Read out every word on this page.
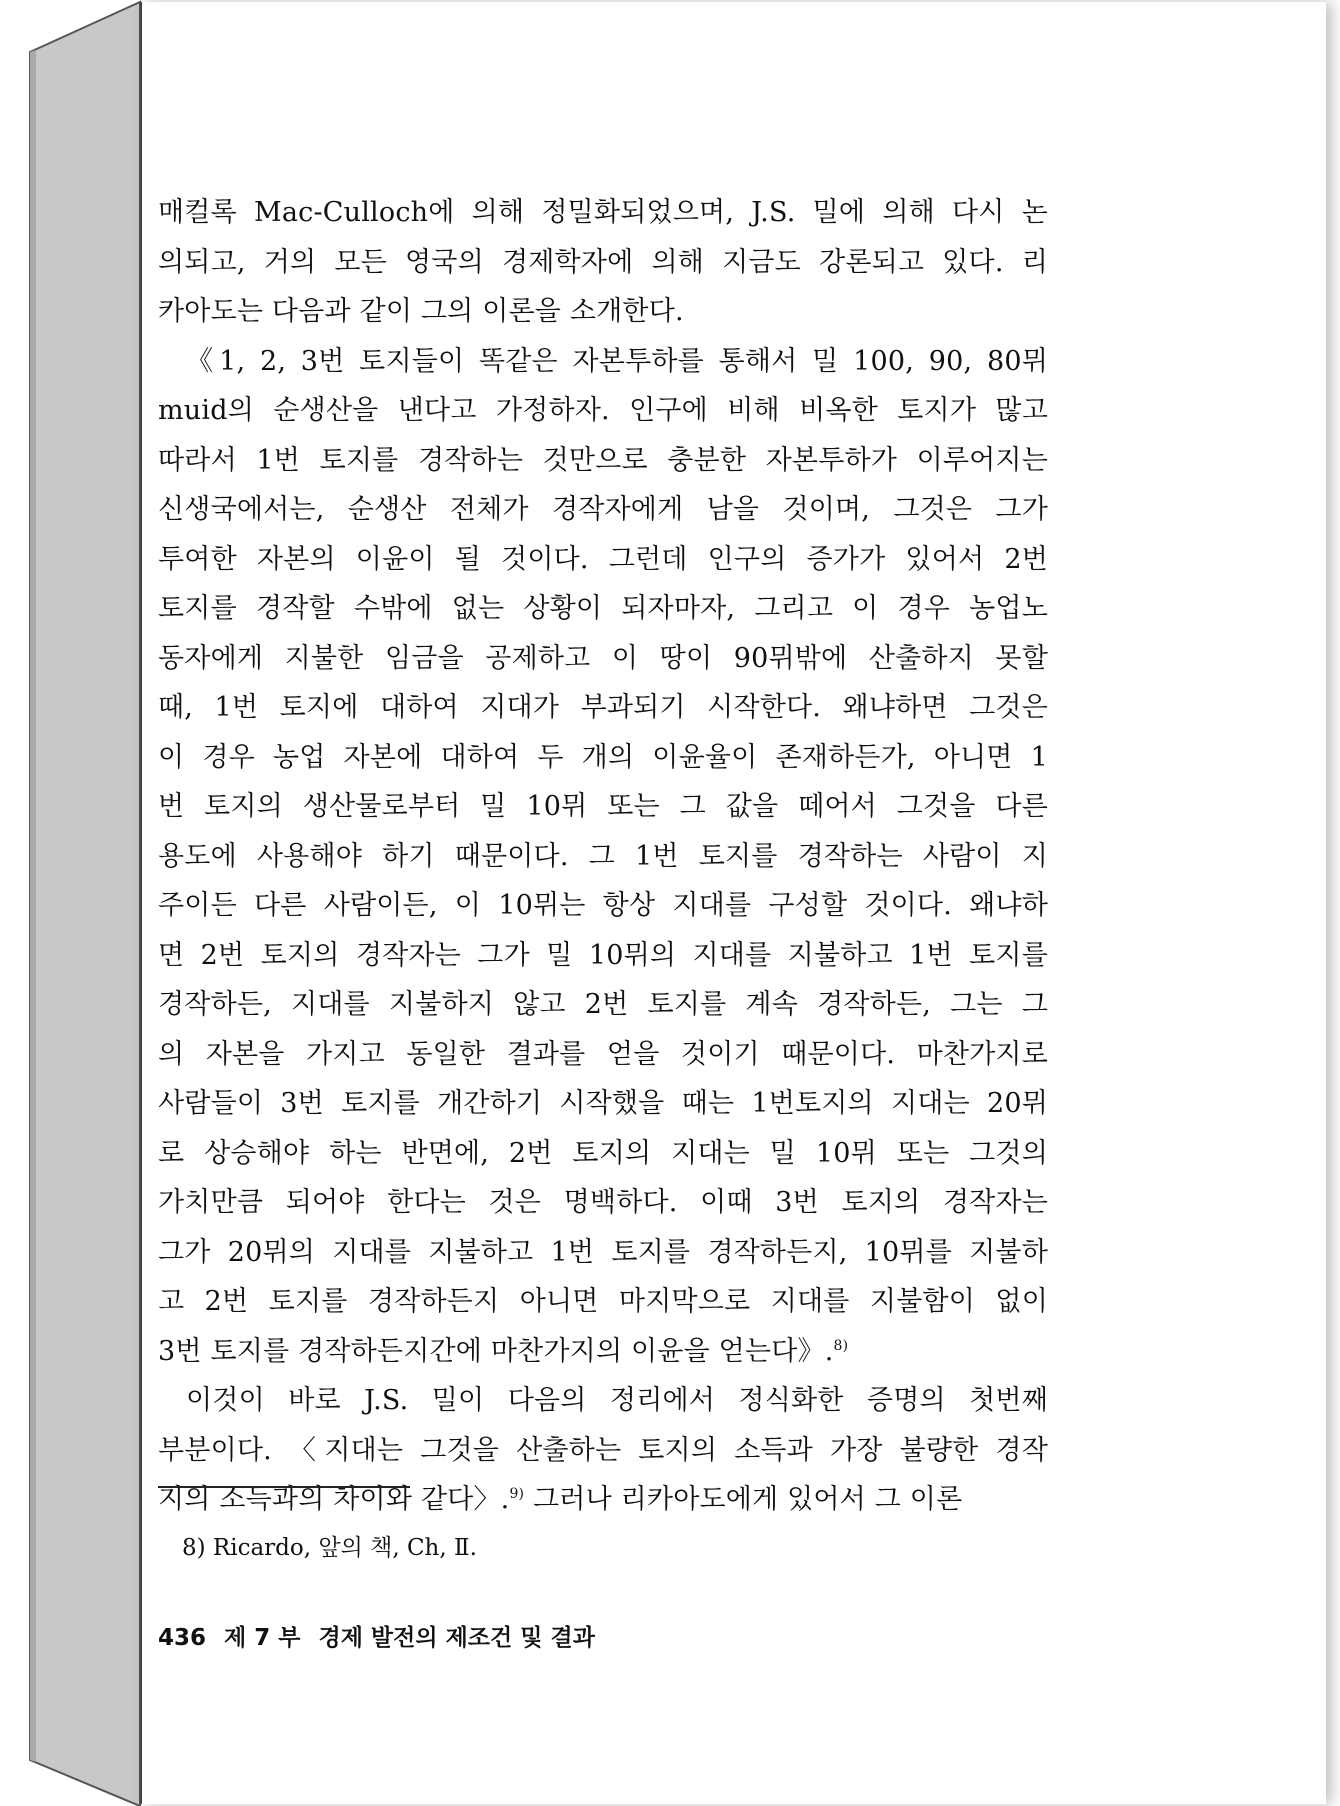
매컬록 Mac-Culloch에 의해 정밀화되었으며, J.S. 밀에 의해 다시 논
의되고, 거의 모든 영국의 경제학자에 의해 지금도 강론되고 있다. 리
카아도는 다음과 같이 그의 이론을 소개한다.
《1, 2, 3번 토지들이 똑같은 자본투하를 통해서 밀 100, 90, 80뮈
muid의 순생산을 낸다고 가정하자. 인구에 비해 비옥한 토지가 많고
따라서 1번 토지를 경작하는 것만으로 충분한 자본투하가 이루어지는
신생국에서는, 순생산 전체가 경작자에게 남을 것이며, 그것은 그가
투여한 자본의 이윤이 될 것이다. 그런데 인구의 증가가 있어서 2번
토지를 경작할 수밖에 없는 상황이 되자마자, 그리고 이 경우 농업노
동자에게 지불한 임금을 공제하고 이 땅이 90뮈밖에 산출하지 못할
때, 1번 토지에 대하여 지대가 부과되기 시작한다. 왜냐하면 그것은
이 경우 농업 자본에 대하여 두 개의 이윤율이 존재하든가, 아니면 1
번 토지의 생산물로부터 밀 10뮈 또는 그 값을 떼어서 그것을 다른
용도에 사용해야 하기 때문이다. 그 1번 토지를 경작하는 사람이 지
주이든 다른 사람이든, 이 10뮈는 항상 지대를 구성할 것이다. 왜냐하
면 2번 토지의 경작자는 그가 밀 10뮈의 지대를 지불하고 1번 토지를
경작하든, 지대를 지불하지 않고 2번 토지를 계속 경작하든, 그는 그
의 자본을 가지고 동일한 결과를 얻을 것이기 때문이다. 마찬가지로
사람들이 3번 토지를 개간하기 시작했을 때는 1번토지의 지대는 20뮈
로 상승해야 하는 반면에, 2번 토지의 지대는 밀 10뮈 또는 그것의
가치만큼 되어야 한다는 것은 명백하다. 이때 3번 토지의 경작자는
그가 20뮈의 지대를 지불하고 1번 토지를 경작하든지, 10뮈를 지불하
고 2번 토지를 경작하든지 아니면 마지막으로 지대를 지불함이 없이
3번 토지를 경작하든지간에 마찬가지의 이윤을 얻는다》.$^{8)}$
이것이 바로 J.S. 밀이 다음의 정리에서 정식화한 증명의 첫번째
부분이다. 〈지대는 그것을 산출하는 토지의 소득과 가장 불량한 경작
지의 소득과의 차이와 같다〉.$^{9)}$ 그러나 리카아도에게 있어서 그 이론
8) Ricardo, 앞의 책, Ch, Ⅱ.
436 제 7 부 경제 발전의 제조건 및 결과
